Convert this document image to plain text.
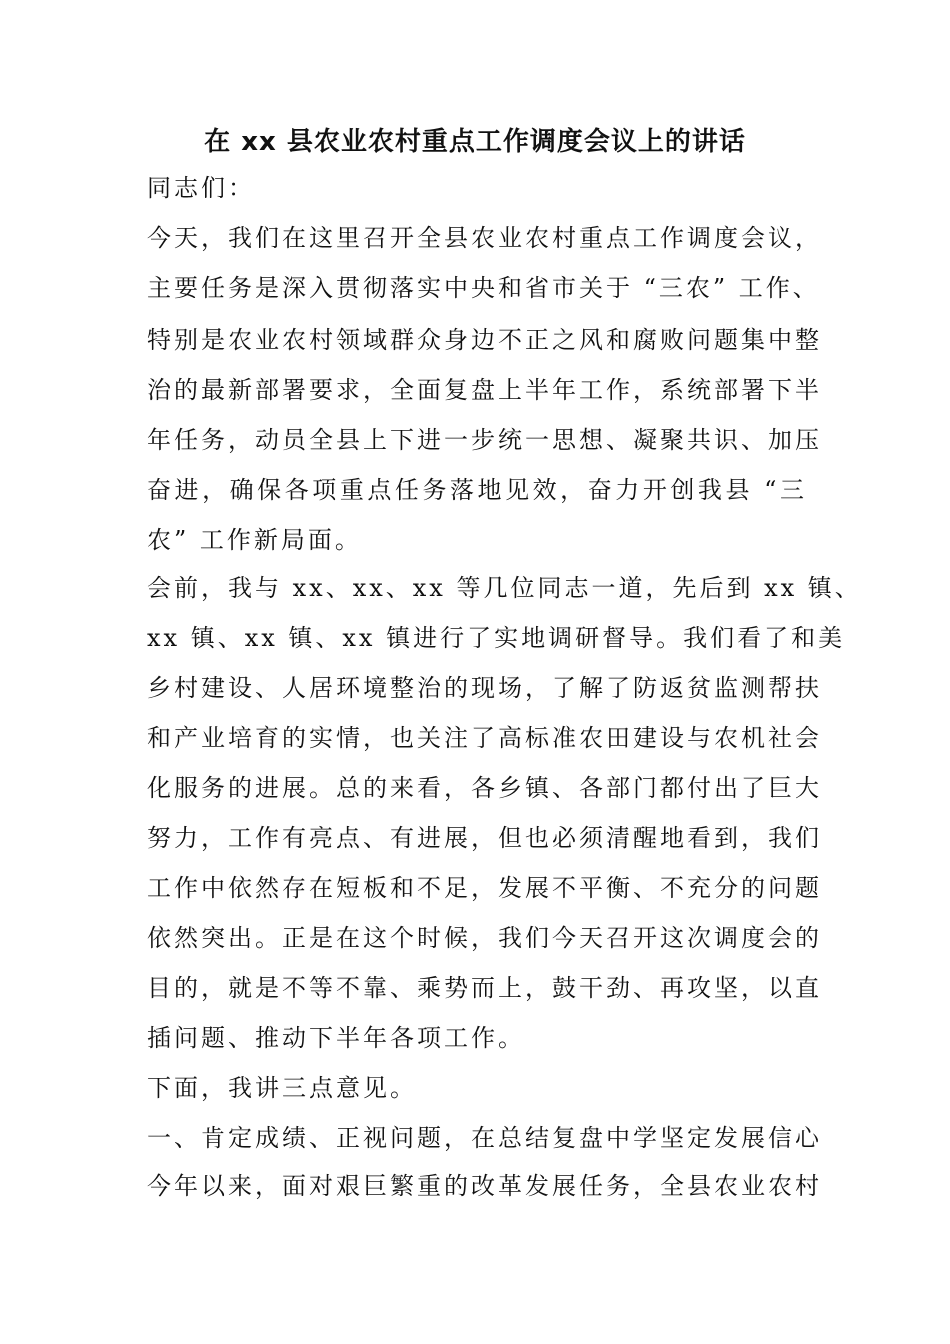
在 xx 县农业农村重点工作调度会议上的讲话
同志们：
今天，我们在这里召开全县农业农村重点工作调度会议，
主要任务是深入贯彻落实中央和省市关于 “三农” 工作、
特别是农业农村领域群众身边不正之风和腐败问题集中整
治的最新部署要求，全面复盘上半年工作，系统部署下半
年任务，动员全县上下进一步统一思想、凝聚共识、加压
奋进，确保各项重点任务落地见效，奋力开创我县 “三
农” 工作新局面。
会前，我与 xx、xx、xx 等几位同志一道，先后到 xx 镇、
xx 镇、xx 镇、xx 镇进行了实地调研督导。我们看了和美
乡村建设、人居环境整治的现场，了解了防返贫监测帮扶
和产业培育的实情，也关注了高标准农田建设与农机社会
化服务的进展。总的来看，各乡镇、各部门都付出了巨大
努力，工作有亮点、有进展，但也必须清醒地看到，我们
工作中依然存在短板和不足，发展不平衡、不充分的问题
依然突出。正是在这个时候，我们今天召开这次调度会的
目的，就是不等不靠、乘势而上，鼓干劲、再攻坚，以直
插问题、推动下半年各项工作。
下面，我讲三点意见。
一、肯定成绩、正视问题，在总结复盘中学坚定发展信心
今年以来，面对艰巨繁重的改革发展任务，全县农业农村
